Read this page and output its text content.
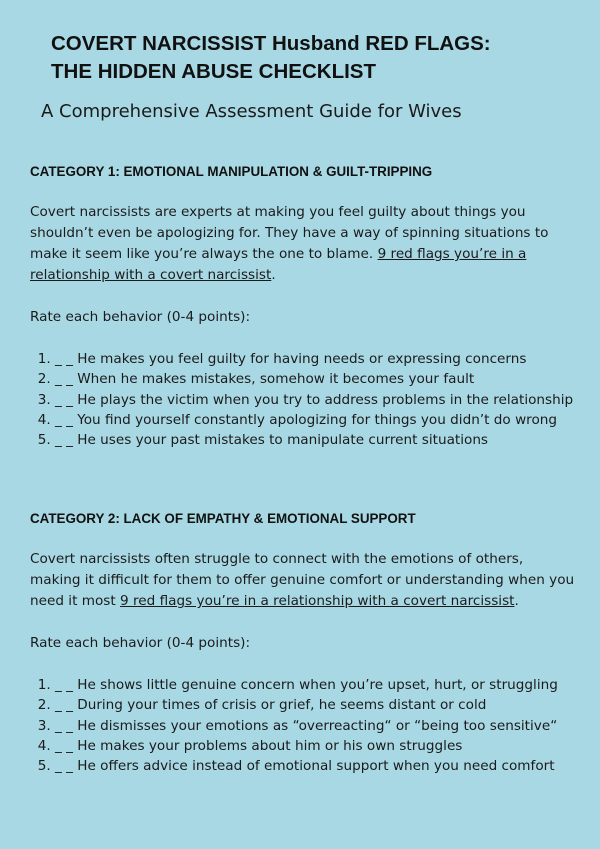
COVERT NARCISSIST Husband RED FLAGS:
THE HIDDEN ABUSE CHECKLIST
A Comprehensive Assessment Guide for Wives
CATEGORY 1: EMOTIONAL MANIPULATION & GUILT-TRIPPING

Covert narcissists are experts at making you feel guilty about things you shouldn’t even be apologizing for. They have a way of spinning situations to make it seem like you’re always the one to blame. 9 red flags you’re in a relationship with a covert narcissist.

Rate each behavior (0-4 points):

1. _ _ He makes you feel guilty for having needs or expressing concerns
2. _ _ When he makes mistakes, somehow it becomes your fault
3. _ _ He plays the victim when you try to address problems in the relationship
4. _ _ You find yourself constantly apologizing for things you didn’t do wrong
5. _ _ He uses your past mistakes to manipulate current situations
CATEGORY 2: LACK OF EMPATHY & EMOTIONAL SUPPORT

Covert narcissists often struggle to connect with the emotions of others, making it difficult for them to offer genuine comfort or understanding when you need it most 9 red flags you’re in a relationship with a covert narcissist.

Rate each behavior (0-4 points):

1. _ _ He shows little genuine concern when you’re upset, hurt, or struggling
2. _ _ During your times of crisis or grief, he seems distant or cold
3. _ _ He dismisses your emotions as “overreacting“ or “being too sensitive“
4. _ _ He makes your problems about him or his own struggles
5. _ _ He offers advice instead of emotional support when you need comfort
